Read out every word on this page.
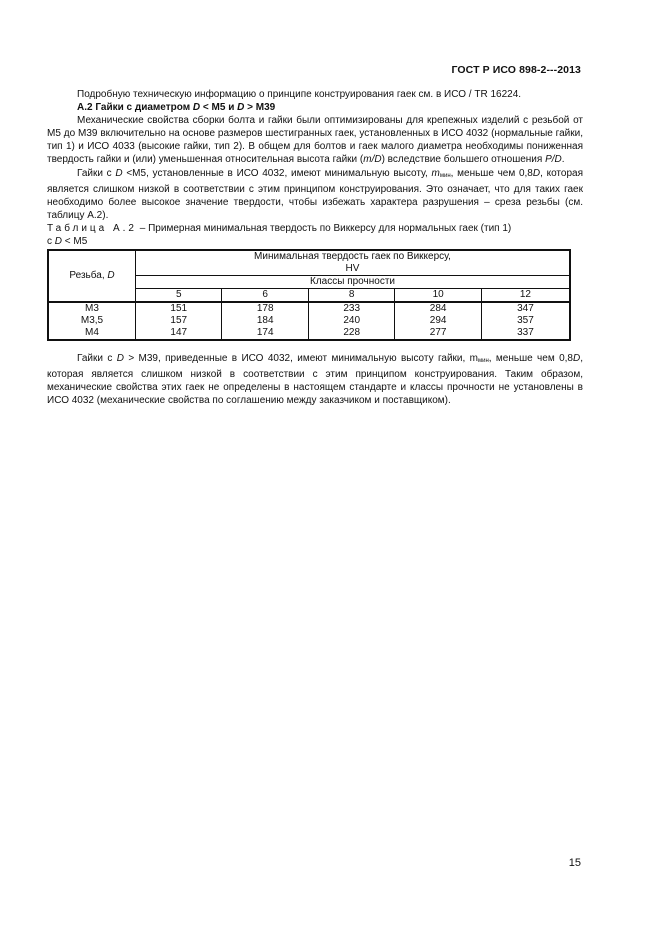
ГОСТ Р ИСО 898-2---2013

Подробную техническую информацию о принципе конструирования гаек см. в ИСО / TR 16224.

А.2 Гайки с диаметром D < М5 и D > М39

Механические свойства сборки болта и гайки были оптимизированы для крепежных изделий с резьбой от М5 до М39 включительно на основе размеров шестигранных гаек, установленных в ИСО 4032 (нормальные гайки, тип 1) и ИСО 4033 (высокие гайки, тип 2). В общем для болтов и гаек малого диаметра необходимы пониженная твердость гайки и (или) уменьшенная относительная высота гайки (m/D) вследствие большего отношения P/D.

Гайки с D <М5, установленные в ИСО 4032, имеют минимальную высоту, $m_{мин}$, меньше чем 0,8D, которая является слишком низкой в соответствии с этим принципом конструирования. Это означает, что для таких гаек необходимо более высокое значение твердости, чтобы избежать характера разрушения – среза резьбы (см. таблицу А.2).

Таблица А.2 – Примерная минимальная твердость по Виккерсу для нормальных гаек (тип 1)
с D < М5

Резьба, D	Минимальная твердость гаек по Виккерсу,
HV				
	Классы прочности				
	5	6	8	10	12
М3	151	178	233	284	347
М3,5	157	184	240	294	357
М4	147	174	228	277	337

Гайки с D > М39, приведенные в ИСО 4032, имеют минимальную высоту гайки, $m_{мин}$, меньше чем 0,8D, которая является слишком низкой в соответствии с этим принципом конструирования. Таким образом, механические свойства этих гаек не определены в настоящем стандарте и классы прочности не установлены в ИСО 4032 (механические свойства по соглашению между заказчиком и поставщиком).

15
